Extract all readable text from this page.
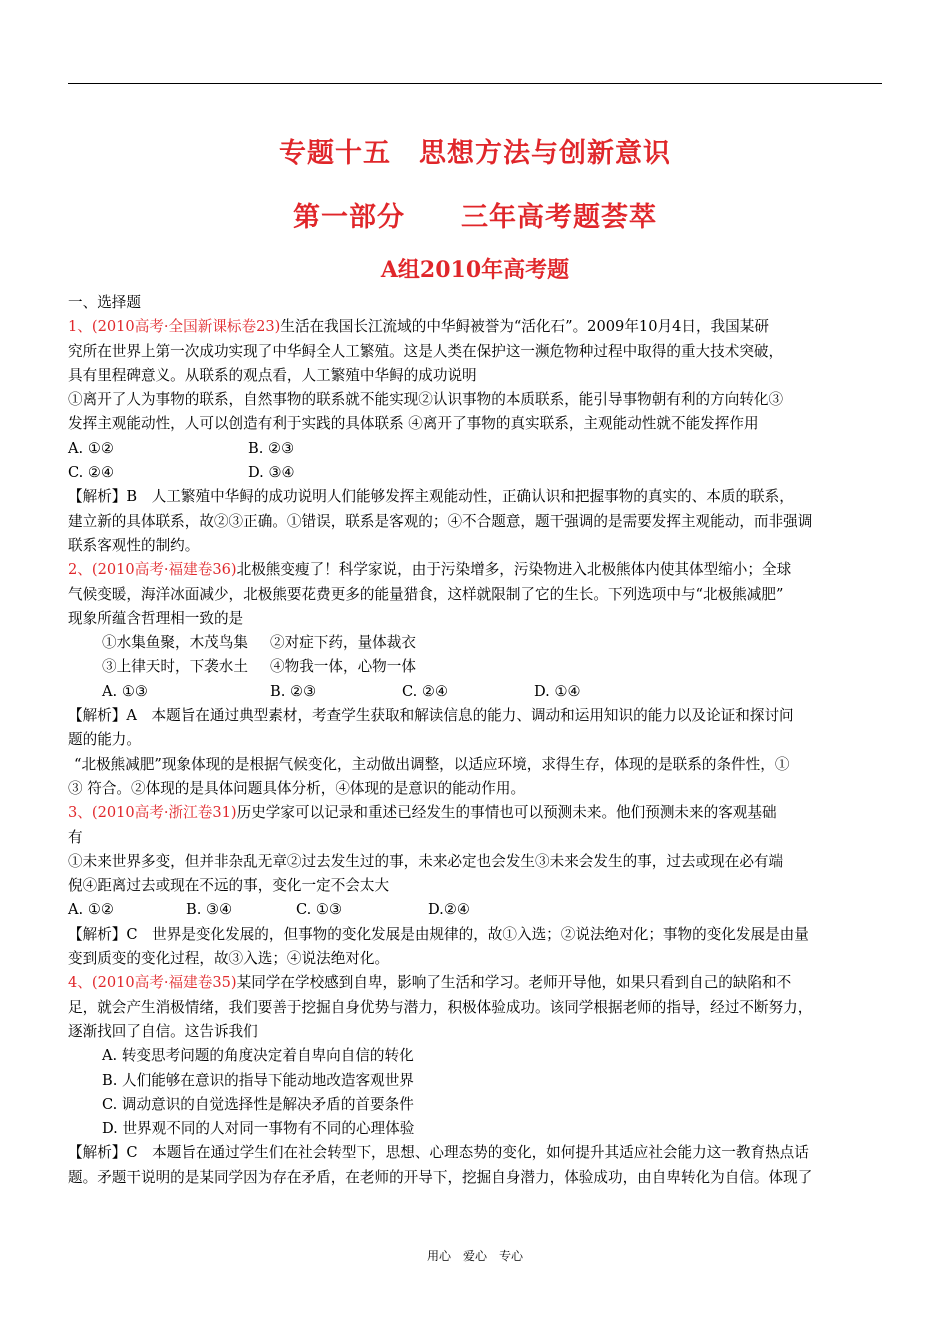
专题十五　思想方法与创新意识
第一部分　　三年高考题荟萃
A组2010年高考题
一、选择题
1、(2010高考·全国新课标卷23)生活在我国长江流域的中华鲟被誉为“活化石”。2009年10月4日，我国某研
究所在世界上第一次成功实现了中华鲟全人工繁殖。这是人类在保护这一濒危物种过程中取得的重大技术突破，
具有里程碑意义。从联系的观点看，人工繁殖中华鲟的成功说明
①离开了人为事物的联系，自然事物的联系就不能实现②认识事物的本质联系，能引导事物朝有利的方向转化③
发挥主观能动性，人可以创造有利于实践的具体联系 ④离开了事物的真实联系，主观能动性就不能发挥作用
A. ①②	B. ②③
C. ②④	D. ③④
【解析】B　人工繁殖中华鲟的成功说明人们能够发挥主观能动性，正确认识和把握事物的真实的、本质的联系，
建立新的具体联系，故②③正确。①错误，联系是客观的；④不合题意，题干强调的是需要发挥主观能动，而非强调
联系客观性的制约。
2、(2010高考·福建卷36)北极熊变瘦了！科学家说，由于污染增多，污染物进入北极熊体内使其体型缩小；全球
气候变暖，海洋冰面减少，北极熊要花费更多的能量猎食，这样就限制了它的生长。下列选项中与“北极熊减肥”
现象所蕴含哲理相一致的是
①水集鱼聚，木茂鸟集 ②对症下药，量体裁衣
③上律天时，下袭水土 ④物我一体，心物一体
A. ①③	B. ②③	C. ②④	D. ①④
【解析】A　本题旨在通过典型素材，考查学生获取和解读信息的能力、调动和运用知识的能力以及论证和探讨问
题的能力。
“北极熊减肥”现象体现的是根据气候变化，主动做出调整，以适应环境，求得生存，体现的是联系的条件性，①
③ 符合。②体现的是具体问题具体分析，④体现的是意识的能动作用。
3、(2010高考·浙江卷31)历史学家可以记录和重述已经发生的事情也可以预测未来。他们预测未来的客观基础
有
①未来世界多变，但并非杂乱无章②过去发生过的事，未来必定也会发生③未来会发生的事，过去或现在必有端
倪④距离过去或现在不远的事，变化一定不会太大
A. ①②	B. ③④	C. ①③	D.②④
【解析】C　世界是变化发展的，但事物的变化发展是由规律的，故①入选；②说法绝对化；事物的变化发展是由量
变到质变的变化过程，故③入选；④说法绝对化。
4、(2010高考·福建卷35)某同学在学校感到自卑，影响了生活和学习。老师开导他，如果只看到自己的缺陷和不
足，就会产生消极情绪，我们要善于挖掘自身优势与潜力，积极体验成功。该同学根据老师的指导，经过不断努力，
逐渐找回了自信。这告诉我们
A. 转变思考问题的角度决定着自卑向自信的转化
B. 人们能够在意识的指导下能动地改造客观世界
C. 调动意识的自觉选择性是解决矛盾的首要条件
D. 世界观不同的人对同一事物有不同的心理体验
【解析】C　本题旨在通过学生们在社会转型下，思想、心理态势的变化，如何提升其适应社会能力这一教育热点话
题。矛题干说明的是某同学因为存在矛盾，在老师的开导下，挖掘自身潜力，体验成功，由自卑转化为自信。体现了
用心　爱心　专心
